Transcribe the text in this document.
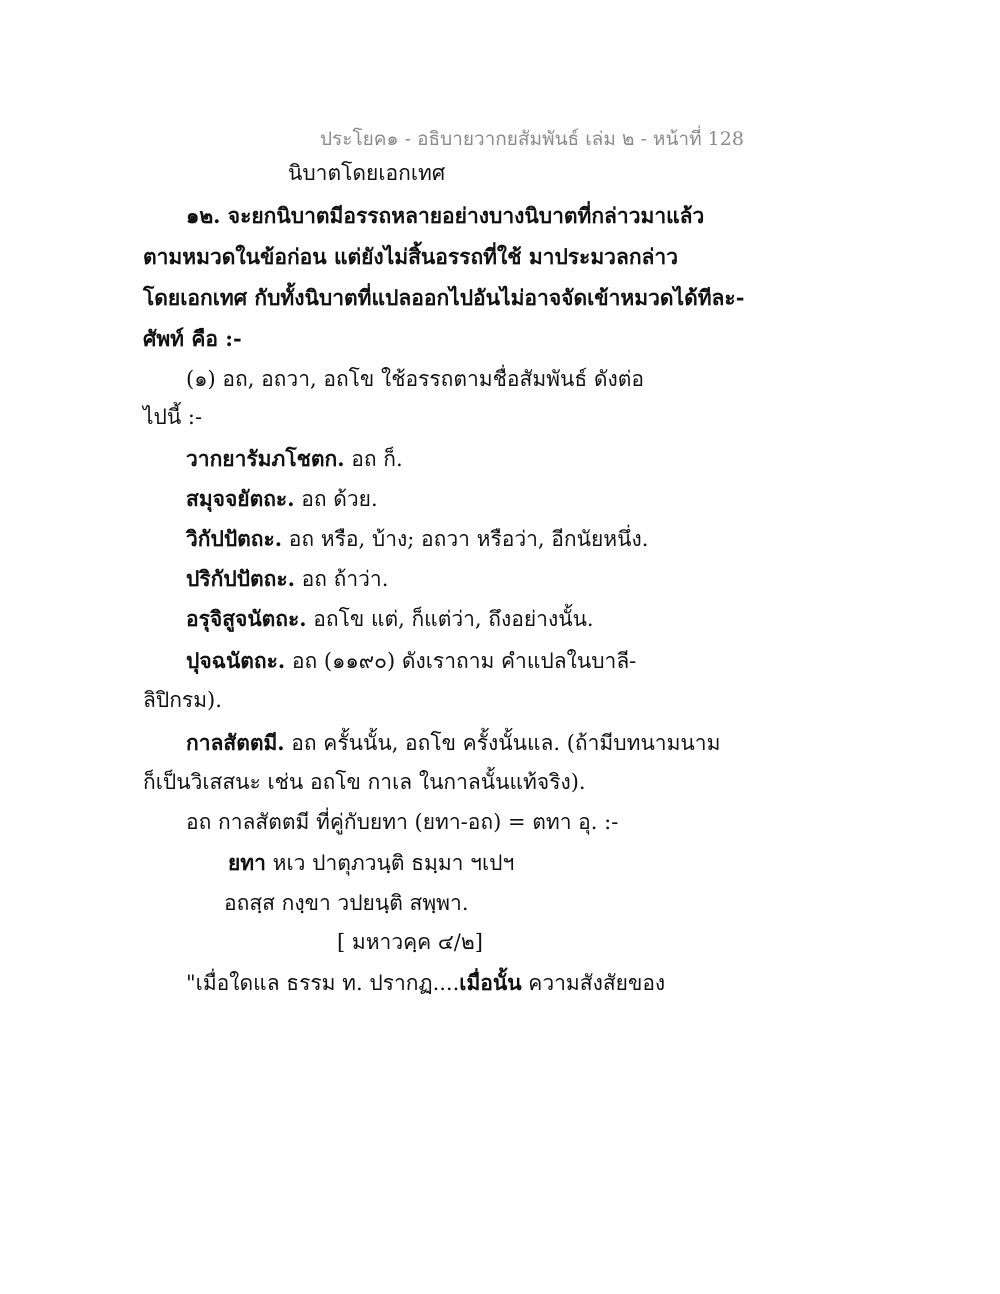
ประโยค๑ - อธิบายวากยสัมพันธ์ เล่ม ๒ - หน้าที่ 128
นิบาตโดยเอกเทศ
๑๒. จะยกนิบาตมีอรรถหลายอย่างบางนิบาตที่กล่าวมาแล้ว
ตามหมวดในข้อก่อน แต่ยังไม่สิ้นอรรถที่ใช้ มาประมวลกล่าว
โดยเอกเทศ กับทั้งนิบาตที่แปลออกไปอันไม่อาจจัดเข้าหมวดได้ทีละ-
ศัพท์ คือ :-
(๑) อถ, อถวา, อถโข ใช้อรรถตามชื่อสัมพันธ์ ดังต่อ
ไปนี้ :-
วากยารัมภโชตก. อถ ก็.
สมุจจยัตถะ. อถ ด้วย.
วิกัปปัตถะ. อถ หรือ, บ้าง; อถวา หรือว่า, อีกนัยหนึ่ง.
ปริกัปปัตถะ. อถ ถ้าว่า.
อรุจิสูจนัตถะ. อถโข แต่, ก็แต่ว่า, ถึงอย่างนั้น.
ปุจฉนัตถะ. อถ (๑๑๙๐) ดังเราถาม คำแปลในบาลี-
ลิปิกรม).
กาลสัตตมี. อถ ครั้นนั้น, อถโข ครั้งนั้นแล. (ถ้ามีบทนามนาม
ก็เป็นวิเสสนะ เช่น อถโข กาเล ในกาลนั้นแท้จริง).
อถ กาลสัตตมี ที่คู่กับยทา (ยทา-อถ) = ตทา อุ. :-
ยทา หเว ปาตุภวนฺติ ธมฺมา ฯเปฯ
อถสฺส กงฺขา วปยนฺติ สพฺพา.
[ มหาวคฺค ๔/๒]
"เมื่อใดแล ธรรม ท. ปรากฏ....เมื่อนั้น ความสังสัยของ
